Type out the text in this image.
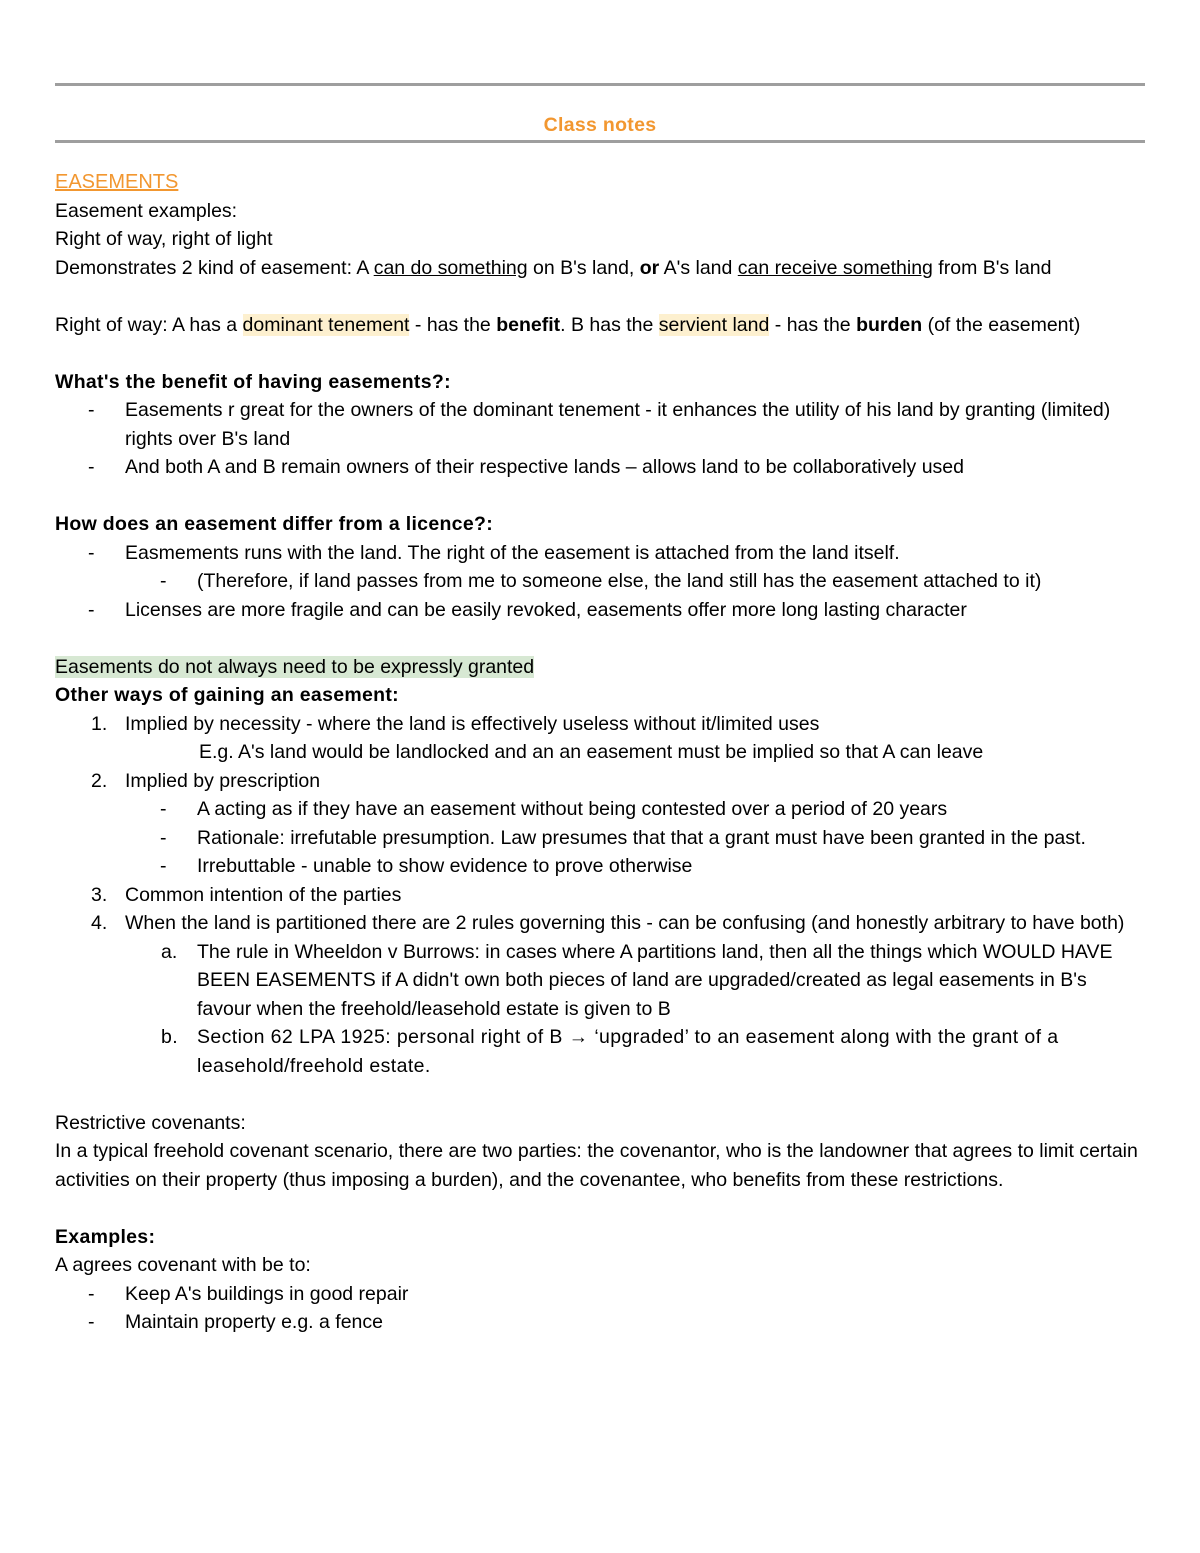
Class notes
EASEMENTS
Easement examples:
Right of way, right of light
Demonstrates 2 kind of easement: A can do something on B's land, or A's land can receive something from B's land
Right of way: A has a dominant tenement - has the benefit. B has the servient land - has the burden (of the easement)
What's the benefit of having easements?:
- Easements r great for the owners of the dominant tenement - it enhances the utility of his land by granting (limited) rights over B's land
- And both A and B remain owners of their respective lands – allows land to be collaboratively used
How does an easement differ from a licence?:
- Easmements runs with the land. The right of the easement is attached from the land itself.
- (Therefore, if land passes from me to someone else, the land still has the easement attached to it)
- Licenses are more fragile and can be easily revoked, easements offer more long lasting character
Easements do not always need to be expressly granted
Other ways of gaining an easement:
1. Implied by necessity - where the land is effectively useless without it/limited uses
E.g. A's land would be landlocked and an an easement must be implied so that A can leave
2. Implied by prescription
- A acting as if they have an easement without being contested over a period of 20 years
- Rationale: irrefutable presumption. Law presumes that that a grant must have been granted in the past.
- Irrebuttable - unable to show evidence to prove otherwise
3. Common intention of the parties
4. When the land is partitioned there are 2 rules governing this - can be confusing (and honestly arbitrary to have both)
a. The rule in Wheeldon v Burrows: in cases where A partitions land, then all the things which WOULD HAVE BEEN EASEMENTS if A didn't own both pieces of land are upgraded/created as legal easements in B's favour when the freehold/leasehold estate is given to B
b. Section 62 LPA 1925: personal right of B → ‘upgraded’ to an easement along with the grant of a leasehold/freehold estate.
Restrictive covenants:
In a typical freehold covenant scenario, there are two parties: the covenantor, who is the landowner that agrees to limit certain activities on their property (thus imposing a burden), and the covenantee, who benefits from these restrictions.
Examples:
A agrees covenant with be to:
- Keep A's buildings in good repair
- Maintain property e.g. a fence
